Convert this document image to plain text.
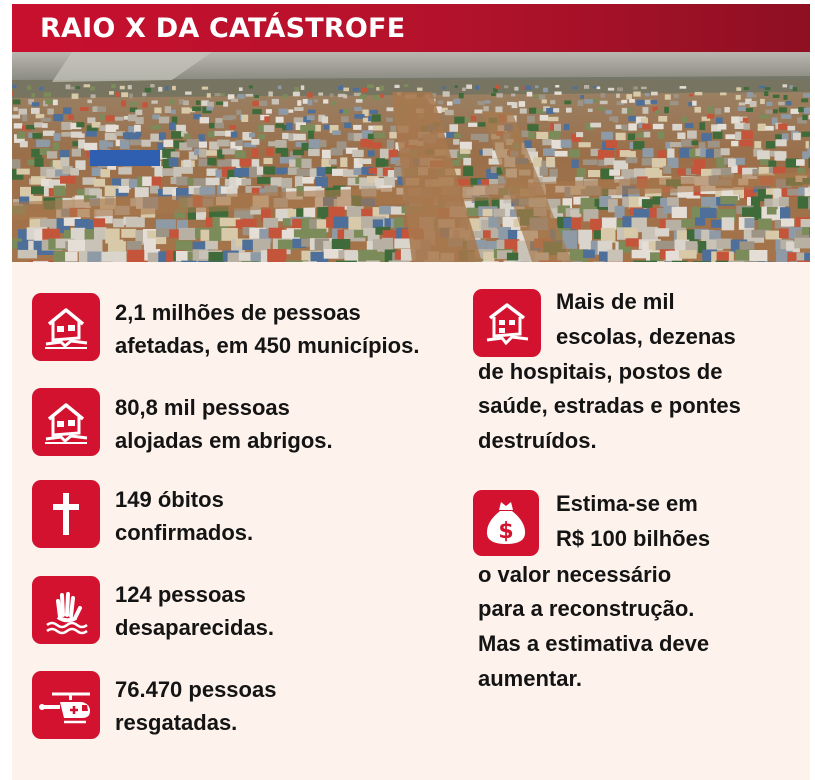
RAIO X DA CATÁSTROFE
2,1 milhões de pessoas
afetadas, em 450 municípios.
80,8 mil pessoas
alojadas em abrigos.
149 óbitos
confirmados.
124 pessoas
desaparecidas.
76.470 pessoas
resgatadas.
Mais de mil
escolas, dezenas
de hospitais, postos de
saúde, estradas e pontes
destruídos.
$
Estima-se em
R$ 100 bilhões
o valor necessário
para a reconstrução.
Mas a estimativa deve
aumentar.
